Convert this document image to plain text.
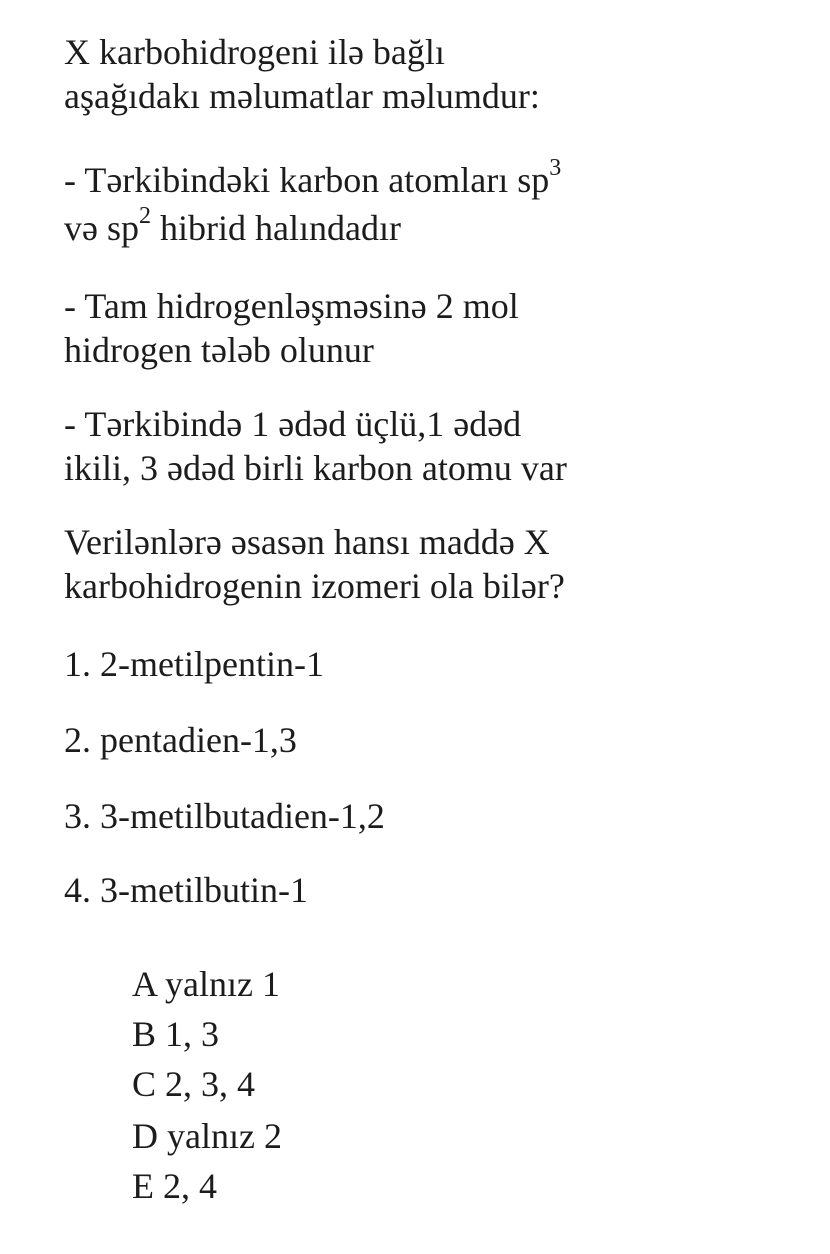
X karbohidrogeni ilə bağlı
aşağıdakı məlumatlar məlumdur:
- Tərkibindəki karbon atomları $sp^3$
və $sp^2$ hibrid halındadır
- Tam hidrogenləşməsinə 2 mol
hidrogen tələb olunur
- Tərkibində 1 ədəd üçlü,1 ədəd
ikili, 3 ədəd birli karbon atomu var
Verilənlərə əsasən hansı maddə X
karbohidrogenin izomeri ola bilər?
1. 2-metilpentin-1
2. pentadien-1,3
3. 3-metilbutadien-1,2
4. 3-metilbutin-1
A yalnız 1
B 1, 3
C 2, 3, 4
D yalnız 2
E 2, 4
